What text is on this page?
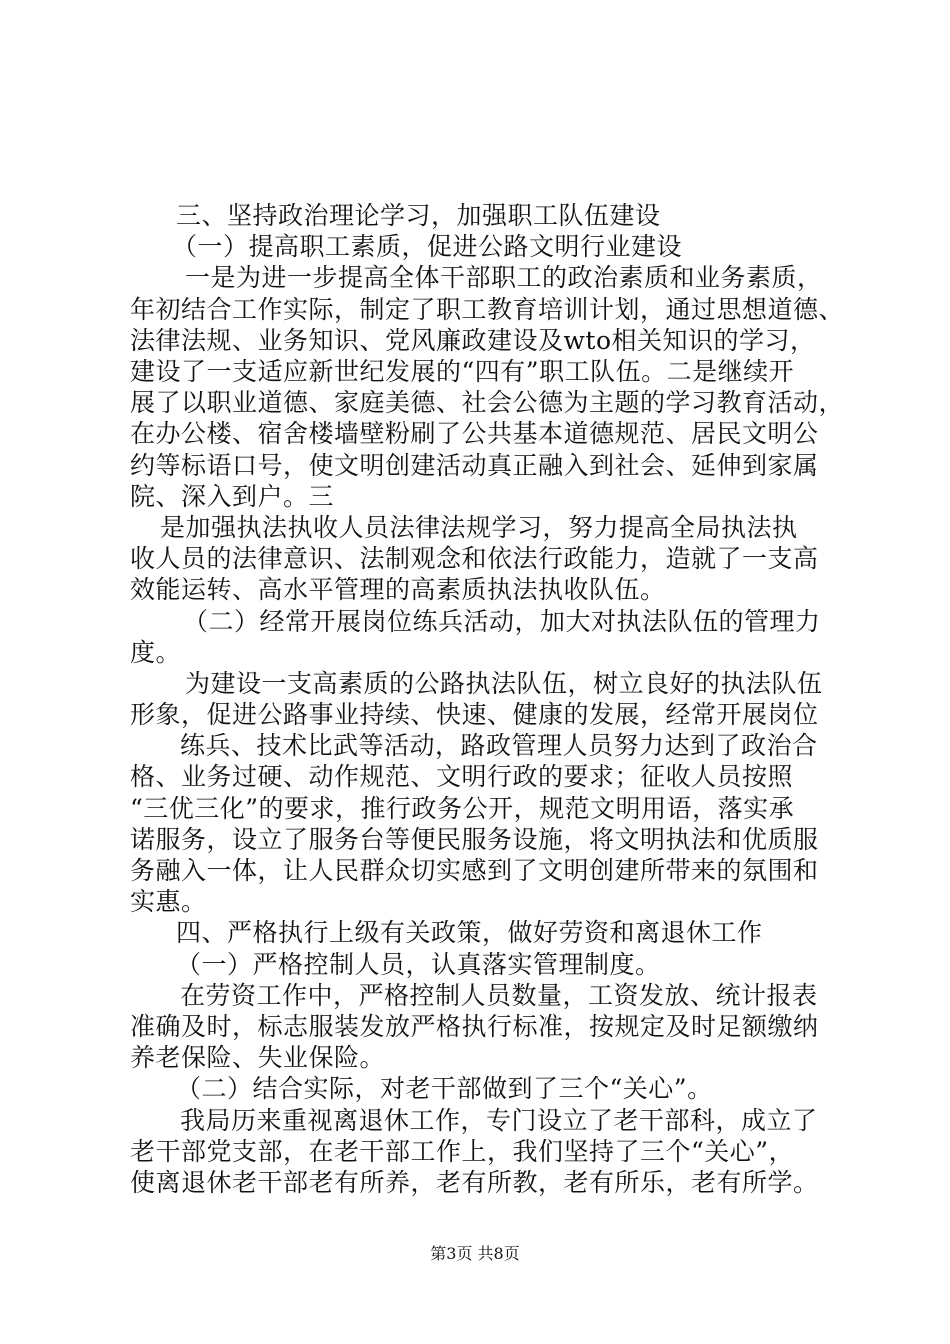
三、坚持政治理论学习，加强职工队伍建设
（一）提高职工素质，促进公路文明行业建设
一是为进一步提高全体干部职工的政治素质和业务素质，
年初结合工作实际，制定了职工教育培训计划，通过思想道德、
法律法规、业务知识、党风廉政建设及wto相关知识的学习，
建设了一支适应新世纪发展的“四有”职工队伍。二是继续开
展了以职业道德、家庭美德、社会公德为主题的学习教育活动，
在办公楼、宿舍楼墙壁粉刷了公共基本道德规范、居民文明公
约等标语口号，使文明创建活动真正融入到社会、延伸到家属
院、深入到户。三
是加强执法执收人员法律法规学习，努力提高全局执法执
收人员的法律意识、法制观念和依法行政能力，造就了一支高
效能运转、高水平管理的高素质执法执收队伍。
（二）经常开展岗位练兵活动，加大对执法队伍的管理力
度。
为建设一支高素质的公路执法队伍，树立良好的执法队伍
形象，促进公路事业持续、快速、健康的发展，经常开展岗位
练兵、技术比武等活动，路政管理人员努力达到了政治合
格、业务过硬、动作规范、文明行政的要求；征收人员按照
“三优三化”的要求，推行政务公开，规范文明用语，落实承
诺服务，设立了服务台等便民服务设施，将文明执法和优质服
务融入一体，让人民群众切实感到了文明创建所带来的氛围和
实惠。
四、严格执行上级有关政策，做好劳资和离退休工作
（一）严格控制人员，认真落实管理制度。
在劳资工作中，严格控制人员数量，工资发放、统计报表
准确及时，标志服装发放严格执行标准，按规定及时足额缴纳
养老保险、失业保险。
（二）结合实际，对老干部做到了三个“关心”。
我局历来重视离退休工作，专门设立了老干部科，成立了
老干部党支部，在老干部工作上，我们坚持了三个“关心”，
使离退休老干部老有所养，老有所教，老有所乐，老有所学。
第3页 共8页
